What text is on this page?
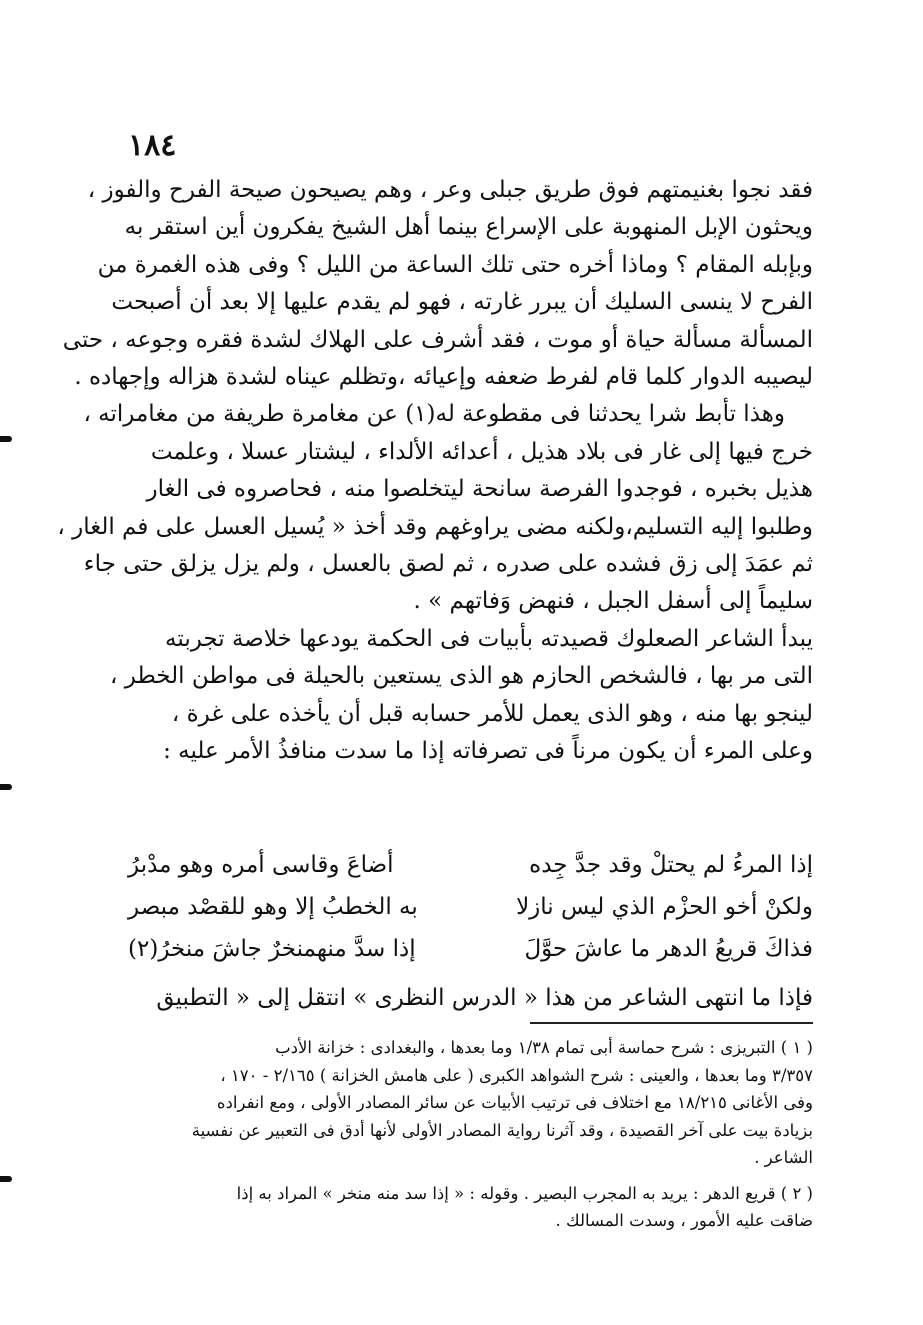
١٨٤

فقد نجوا بغنيمتهم فوق طريق جبلى وعر ، وهم يصيحون صيحة الفرح والفوز ،
ويحثون الإبل المنهوبة على الإسراع بينما أهل الشيخ يفكرون أين استقر به
وبإبله المقام ؟ وماذا أخره حتى تلك الساعة من الليل ؟ وفى هذه الغمرة من
الفرح لا ينسى السليك أن يبرر غارته ، فهو لم يقدم عليها إلا بعد أن أصبحت
المسألة مسألة حياة أو موت ، فقد أشرف على الهلاك لشدة فقره وجوعه ، حتى
ليصيبه الدوار كلما قام لفرط ضعفه وإعيائه ،وتظلم عيناه لشدة هزاله وإجهاده .

وهذا تأبط شرا يحدثنا فى مقطوعة له(١) عن مغامرة طريفة من مغامراته ،
خرج فيها إلى غار فى بلاد هذيل ، أعدائه الألداء ، ليشتار عسلا ، وعلمت
هذيل بخبره ، فوجدوا الفرصة سانحة ليتخلصوا منه ، فحاصروه فى الغار
وطلبوا إليه التسليم،ولكنه مضى يراوغهم وقد أخذ « يُسيل العسل على فم الغار ،
ثم عمَدَ إلى زق فشده على صدره ، ثم لصق بالعسل ، ولم يزل يزلق حتى جاء
سليماً إلى أسفل الجبل ، فنهض وَفاتهم » .

يبدأ الشاعر الصعلوك قصيدته بأبيات فى الحكمة يودعها خلاصة تجربته
التى مر بها ، فالشخص الحازم هو الذى يستعين بالحيلة فى مواطن الخطر ،
لينجو بها منه ، وهو الذى يعمل للأمر حسابه قبل أن يأخذه على غرة ،
وعلى المرء أن يكون مرناً فى تصرفاته إذا ما سدت منافذُ الأمر عليه :

إذا المرءُ لم يحتلْ وقد جدَّ جِده
أضاعَ وقاسى أمره وهو مدْبرُ
ولكنْ أخو الحزْم الذي ليس نازلا
به الخطبُ إلا وهو للقصْد مبصر
فذاكَ قريعُ الدهر ما عاشَ حوَّلَ
إذا سدَّ منهمنخرٌ جاشَ منخرُ(٢)
فإذا ما انتهى الشاعر من هذا « الدرس النظرى » انتقل إلى « التطبيق

( ١ ) التبريزى : شرح حماسة أبى تمام ١/٣٨ وما بعدها ، والبغدادى : خزانة الأدب
٣/٣٥٧ وما بعدها ، والعينى : شرح الشواهد الكبرى ( على هامش الخزانة ) ٢/١٦٥ - ١٧٠ ،
وفى الأغانى ١٨/٢١٥ مع اختلاف فى ترتيب الأبيات عن سائر المصادر الأولى ، ومع انفراده
بزيادة بيت على آخر القصيدة ، وقد آثرنا رواية المصادر الأولى لأنها أدق فى التعبير عن نفسية
الشاعر .

( ٢ ) قريع الدهر : يريد به المجرب البصير . وقوله : « إذا سد منه منخر » المراد به إذا
ضاقت عليه الأمور ، وسدت المسالك .
